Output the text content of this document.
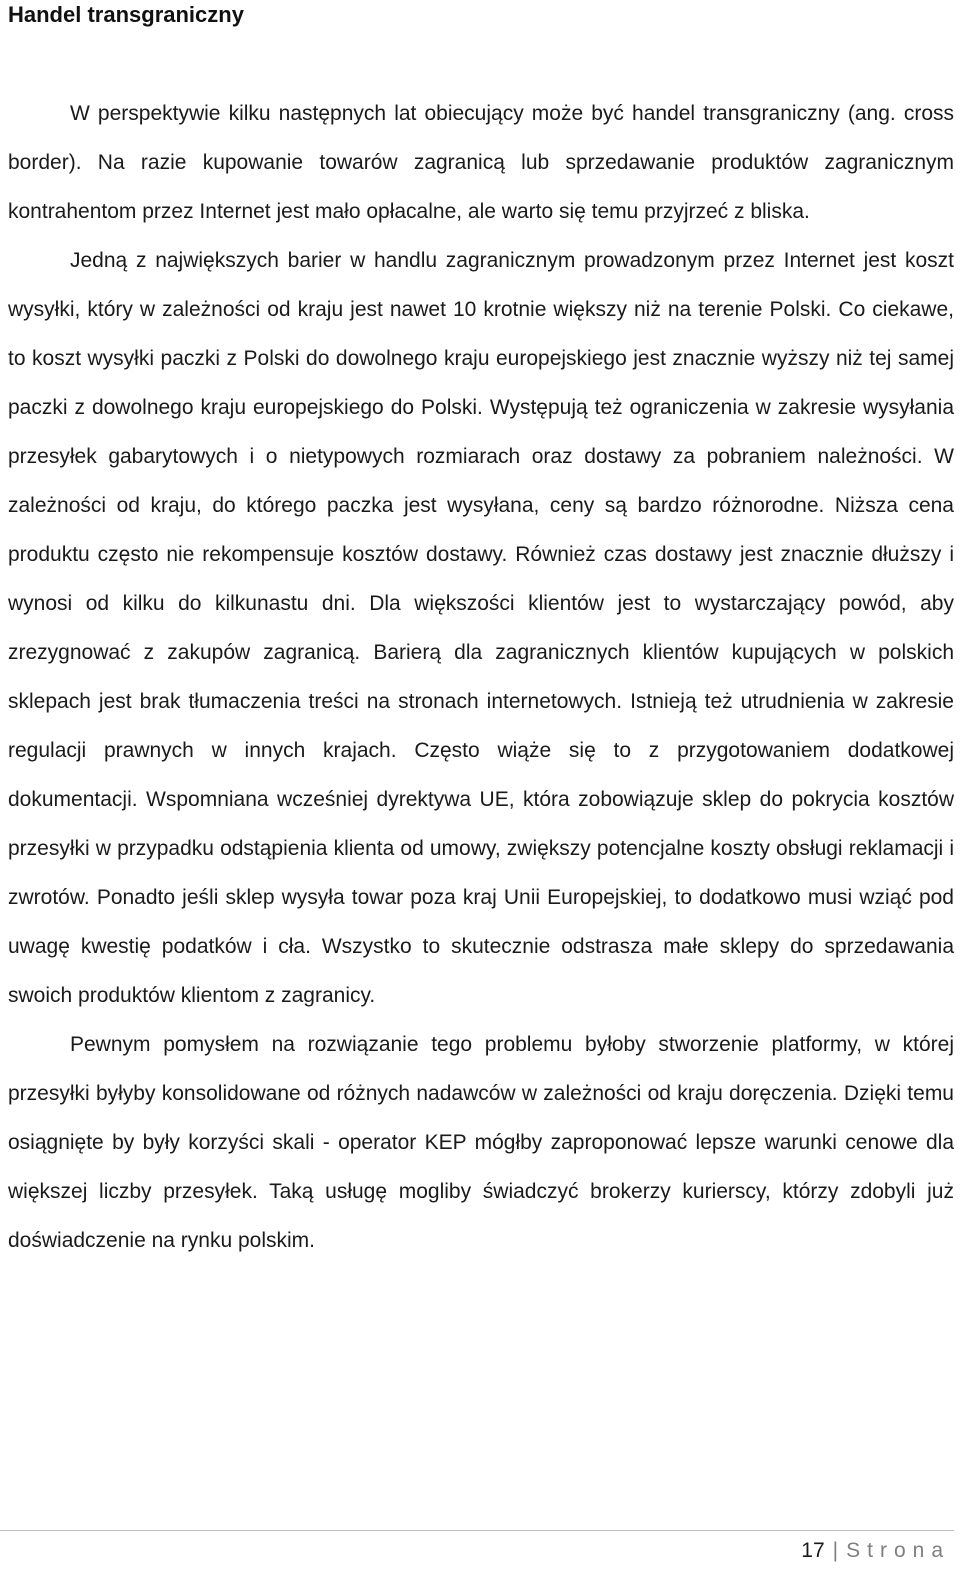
Handel transgraniczny

W perspektywie kilku następnych lat obiecujący może być handel transgraniczny (ang. cross border). Na razie kupowanie towarów zagranicą lub sprzedawanie produktów zagranicznym kontrahentom przez Internet jest mało opłacalne, ale warto się temu przyjrzeć z bliska.

Jedną z największych barier w handlu zagranicznym prowadzonym przez Internet jest koszt wysyłki, który w zależności od kraju jest nawet 10 krotnie większy niż na terenie Polski. Co ciekawe, to koszt wysyłki paczki z Polski do dowolnego kraju europejskiego jest znacznie wyższy niż tej samej paczki z dowolnego kraju europejskiego do Polski. Występują też ograniczenia w zakresie wysyłania przesyłek gabarytowych i o nietypowych rozmiarach oraz dostawy za pobraniem należności. W zależności od kraju, do którego paczka jest wysyłana, ceny są bardzo różnorodne. Niższa cena produktu często nie rekompensuje kosztów dostawy. Również czas dostawy jest znacznie dłuższy i wynosi od kilku do kilkunastu dni. Dla większości klientów jest to wystarczający powód, aby zrezygnować z zakupów zagranicą. Barierą dla zagranicznych klientów kupujących w polskich sklepach jest brak tłumaczenia treści na stronach internetowych. Istnieją też utrudnienia w zakresie regulacji prawnych w innych krajach. Często wiąże się to z przygotowaniem dodatkowej dokumentacji. Wspomniana wcześniej dyrektywa UE, która zobowiązuje sklep do pokrycia kosztów przesyłki w przypadku odstąpienia klienta od umowy, zwiększy potencjalne koszty obsługi reklamacji i zwrotów. Ponadto jeśli sklep wysyła towar poza kraj Unii Europejskiej, to dodatkowo musi wziąć pod uwagę kwestię podatków i cła. Wszystko to skutecznie odstrasza małe sklepy do sprzedawania swoich produktów klientom z zagranicy.

Pewnym pomysłem na rozwiązanie tego problemu byłoby stworzenie platformy, w której przesyłki byłyby konsolidowane od różnych nadawców w zależności od kraju doręczenia. Dzięki temu osiągnięte by były korzyści skali - operator KEP mógłby zaproponować lepsze warunki cenowe dla większej liczby przesyłek. Taką usługę mogliby świadczyć brokerzy kurierscy, którzy zdobyli już doświadczenie na rynku polskim.

17 | Strona
